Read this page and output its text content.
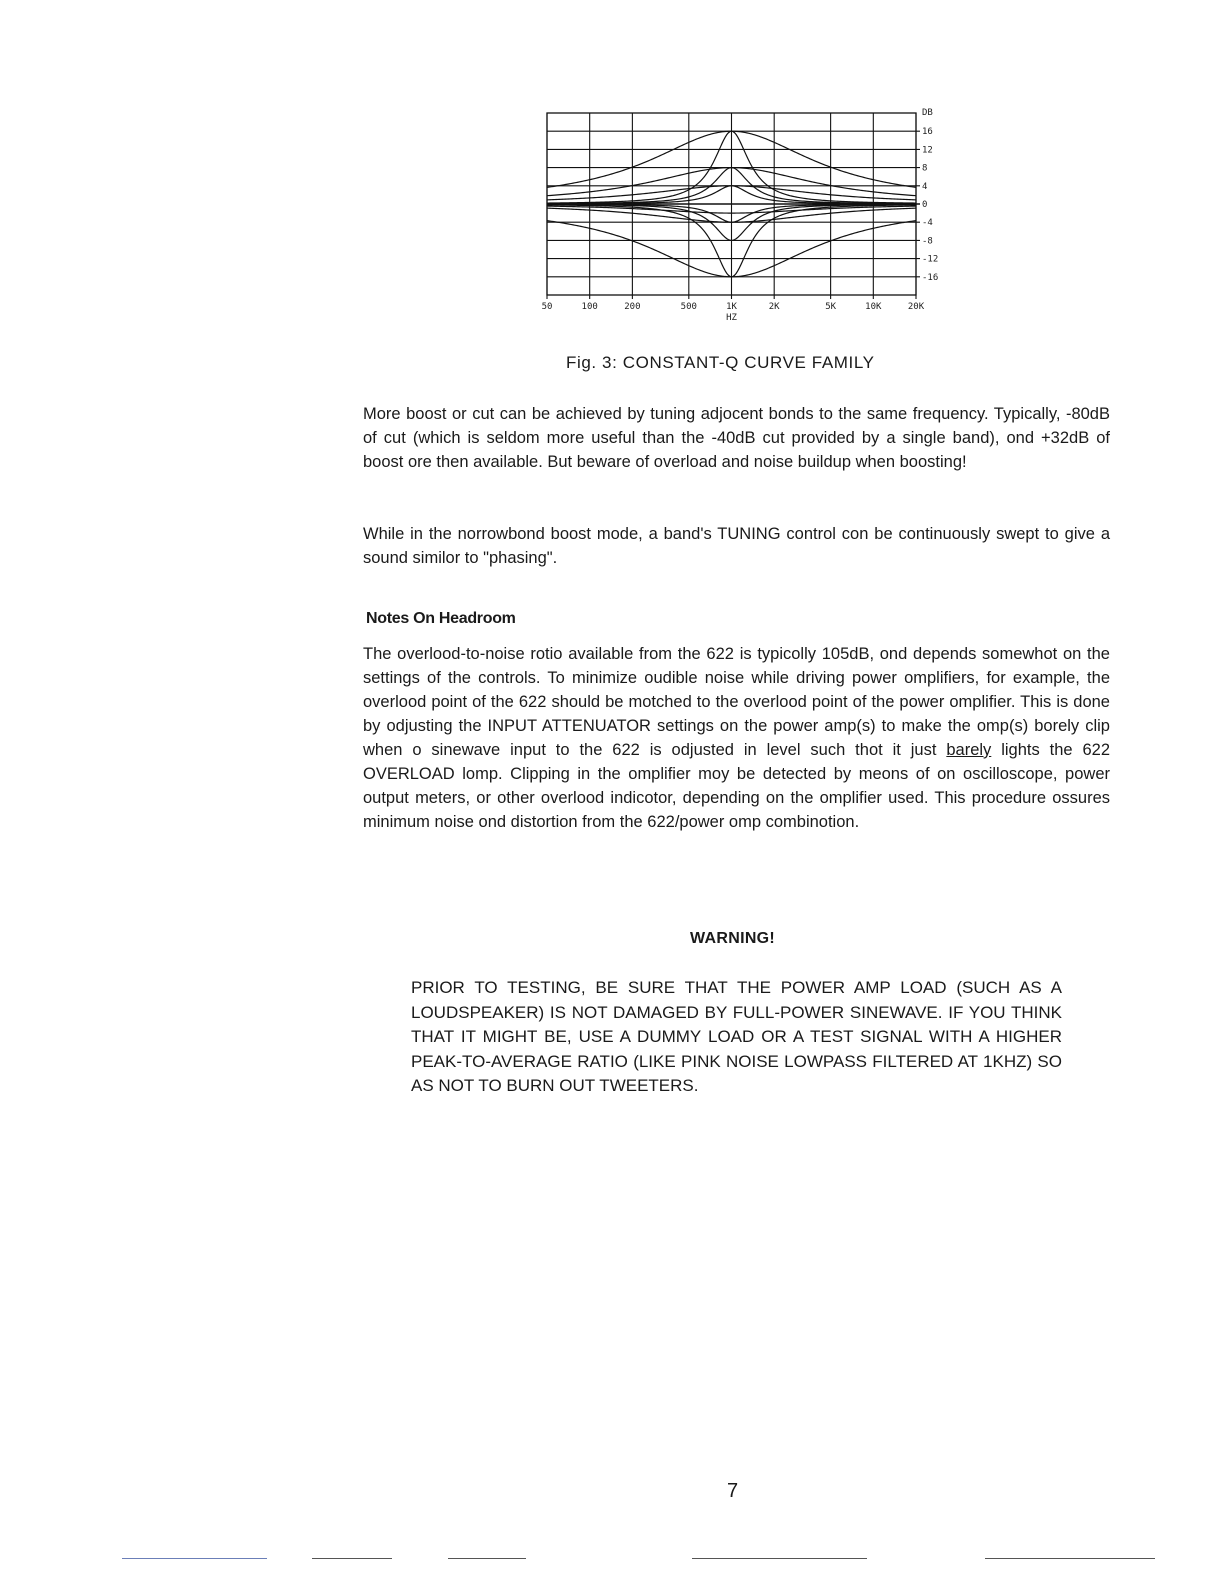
50	100	200	500	1K	2K	5K	10K	20K
16
12
8
4
0
-4
-8
-12
-16
DB
HZ
Fig. 3: CONSTANT-Q CURVE FAMILY

More boost or cut can be achieved by tuning adjocent bonds to the same frequency. Typically, -80dB of cut (which is seldom more useful than the -40dB cut provided by a single band), ond +32dB of boost ore then available. But beware of overload and noise buildup when boosting!

While in the norrowbond boost mode, a band's TUNING control con be continuously swept to give a sound similor to "phasing".

Notes On Headroom

The overlood-to-noise rotio available from the 622 is typicolly 105dB, ond depends somewhot on the settings of the controls. To minimize oudible noise while driving power omplifiers, for example, the overlood point of the 622 should be motched to the overlood point of the power omplifier. This is done by odjusting the INPUT ATTENUATOR settings on the power amp(s) to make the omp(s) borely clip when o sinewave input to the 622 is odjusted in level such thot it just barely lights the 622 OVERLOAD lomp. Clipping in the omplifier moy be detected by meons of on oscilloscope, power output meters, or other overlood indicotor, depending on the omplifier used. This procedure ossures minimum noise ond distortion from the 622/power omp combinotion.

WARNING!

PRIOR TO TESTING, BE SURE THAT THE POWER AMP LOAD (SUCH AS A LOUDSPEAKER) IS NOT DAMAGED BY FULL-POWER SINEWAVE. IF YOU THINK THAT IT MIGHT BE, USE A DUMMY LOAD OR A TEST SIGNAL WITH A HIGHER PEAK-TO-AVERAGE RATIO (LIKE PINK NOISE LOWPASS FILTERED AT 1KHZ) SO AS NOT TO BURN OUT TWEETERS.

7
